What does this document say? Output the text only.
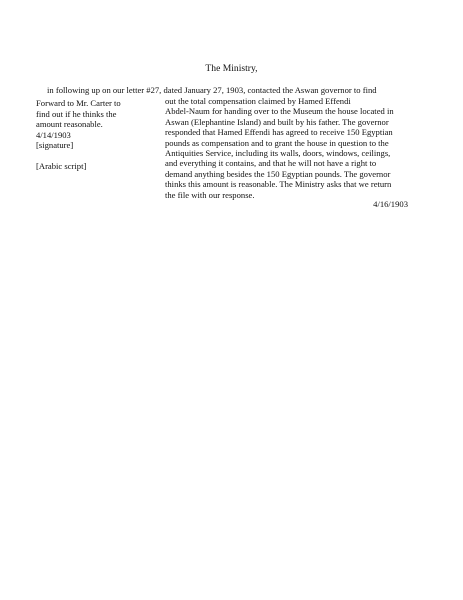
The Ministry,
in following up on our letter #27, dated January 27, 1903, contacted the Aswan governor to find
Forward to Mr. Carter to
find out if he thinks the
amount reasonable.
4/14/1903
[signature]
[Arabic script]
out the total compensation claimed by Hamed Effendi
Abdel-Naum for handing over to the Museum the house located in
Aswan (Elephantine Island) and built by his father. The governor
responded that Hamed Effendi has agreed to receive 150 Egyptian
pounds as compensation and to grant the house in question to the
Antiquities Service, including its walls, doors, windows, ceilings,
and everything it contains, and that he will not have a right to
demand anything besides the 150 Egyptian pounds. The governor
thinks this amount is reasonable. The Ministry asks that we return
the file with our response.
4/16/1903
